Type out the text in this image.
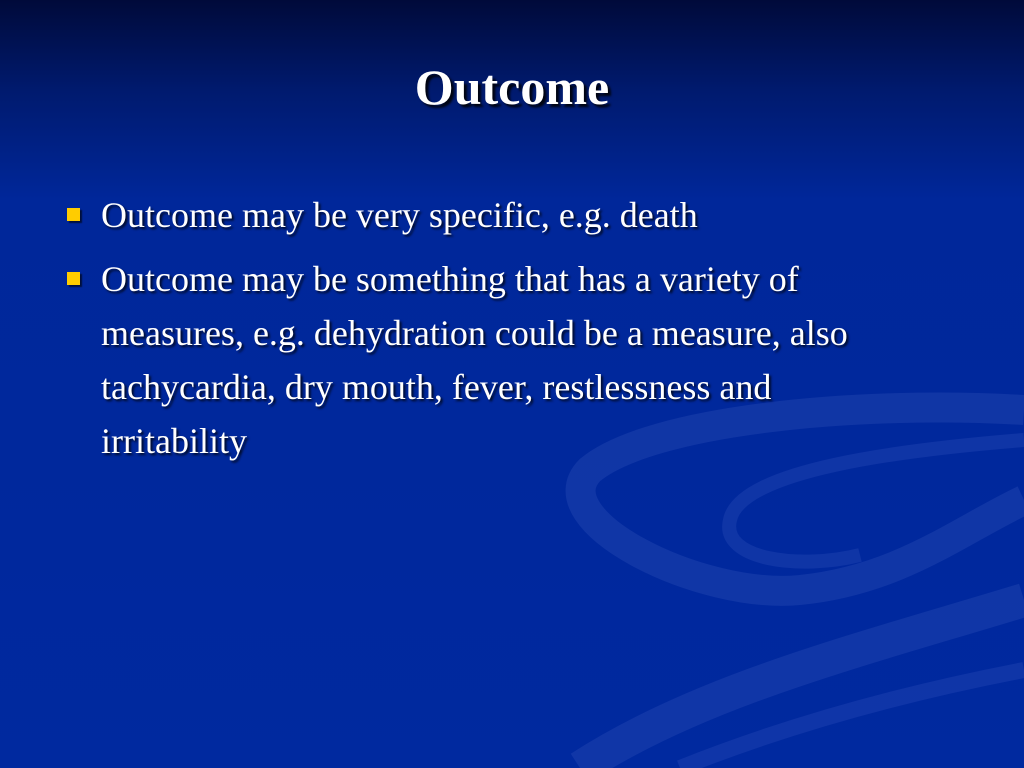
Outcome
Outcome may be very specific, e.g. death
Outcome may be something that has a variety of measures, e.g. dehydration could be a measure, also tachycardia, dry mouth, fever, restlessness and irritability
